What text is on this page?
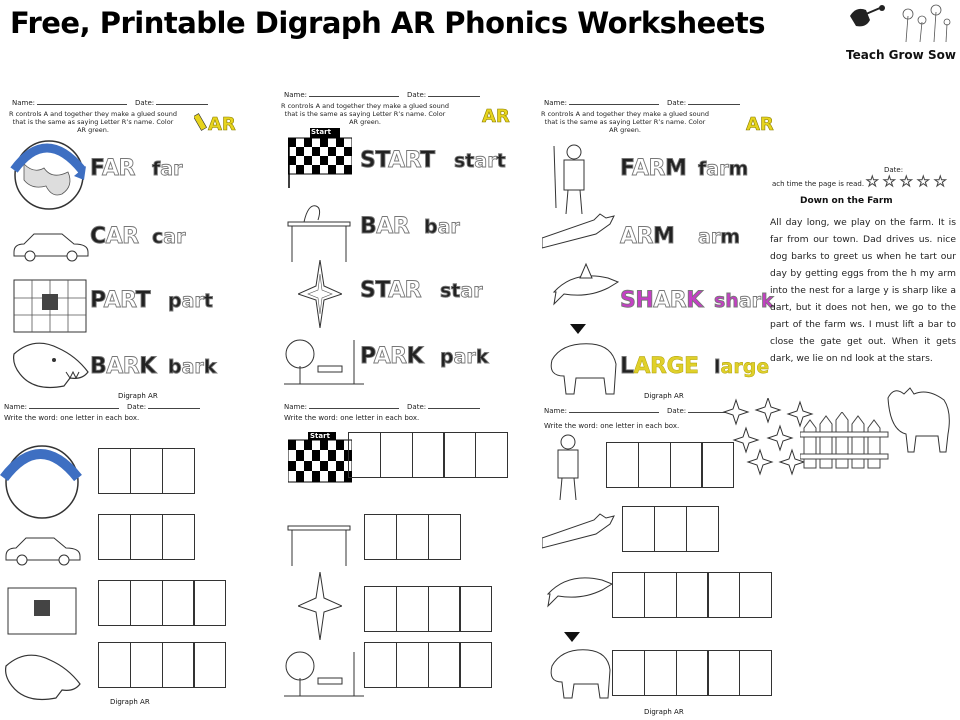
Free, Printable Digraph AR Phonics Worksheets
Teach Grow Sow
Name:	Date:
R controls A and together they make a glued sound that is the same as saying Letter R’s name. Color AR green.	AR
FAR far
CAR car
PART part
BARK bark
Digraph AR
Name:	Date:
Write the word: one letter in each box.
Digraph AR
Name:	Date:
R controls A and together they make a glued sound that is the same as saying Letter R’s name. Color AR green.	AR
Start
START start
BAR bar
STAR star
PARK park
Name:	Date:
Write the word: one letter in each box.
Start
Name:	Date:
R controls A and together they make a glued sound that is the same as saying Letter R’s name. Color AR green.	AR
FARM farm
ARM arm
SHARK shark
LARGE large
Digraph AR
Name:	Date:
Write the word: one letter in each box.
Digraph AR
Date:
ach time the page is read. ★ ★ ★ ★ ★
Down on the Farm
All day long, we play on the farm. It is far from our town. Dad drives us. nice dog barks to greet us when he tart our day by getting eggs from the h my arm into the nest for a large y is sharp like a dart, but it does not hen, we go to the part of the farm ws. I must lift a bar to close the gate get out. When it gets dark, we lie on nd look at the stars.
